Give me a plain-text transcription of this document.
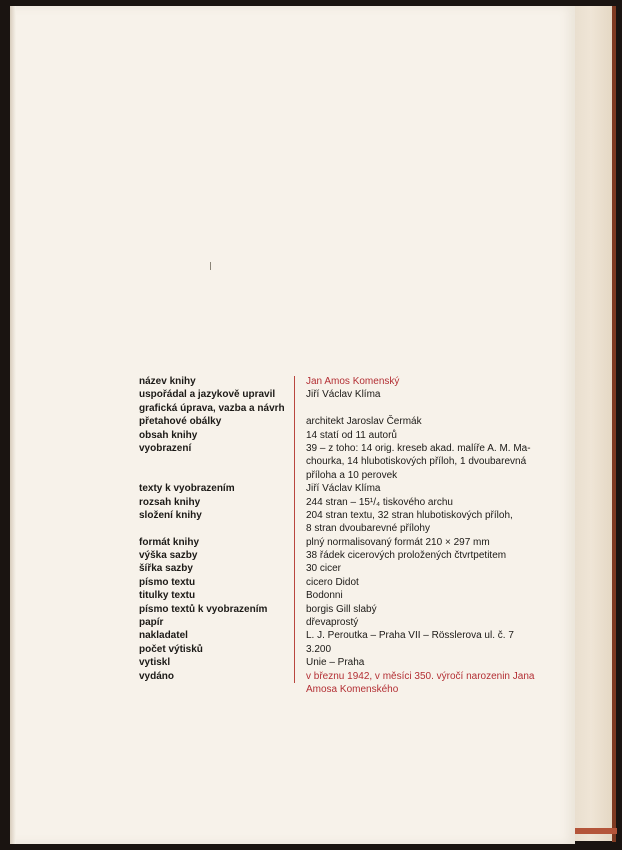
název knihy
uspořádal a jazykově upravil
grafická úprava, vazba a návrh
přetahové obálky
obsah knihy
vyobrazení
texty k vyobrazením
rozsah knihy
složení knihy
formát knihy
výška sazby
šířka sazby
písmo textu
titulky textu
písmo textů k vyobrazením
papír
nakladatel
počet výtisků
vytiskl
vydáno
Jan Amos Komenský
Jiří Václav Klíma
architekt Jaroslav Čermák
14 statí od 11 autorů
39 – z toho: 14 orig. kreseb akad. malíře A. M. Ma-
chourka, 14 hlubotiskových příloh, 1 dvoubarevná
příloha a 10 perovek
Jiří Václav Klíma
244 stran – 15¹/₄ tiskového archu
204 stran textu, 32 stran hlubotiskových příloh,
8 stran dvoubarevné přílohy
plný normalisovaný formát 210 × 297 mm
38 řádek cicerových proložených čtvrtpetitem
30 cicer
cicero Didot
Bodonni
borgis Gill slabý
dřevaprostý
L. J. Peroutka – Praha VII – Rösslerova ul. č. 7
3.200
Unie – Praha
v březnu 1942, v měsíci 350. výročí narozenin Jana
Amosa Komenského
